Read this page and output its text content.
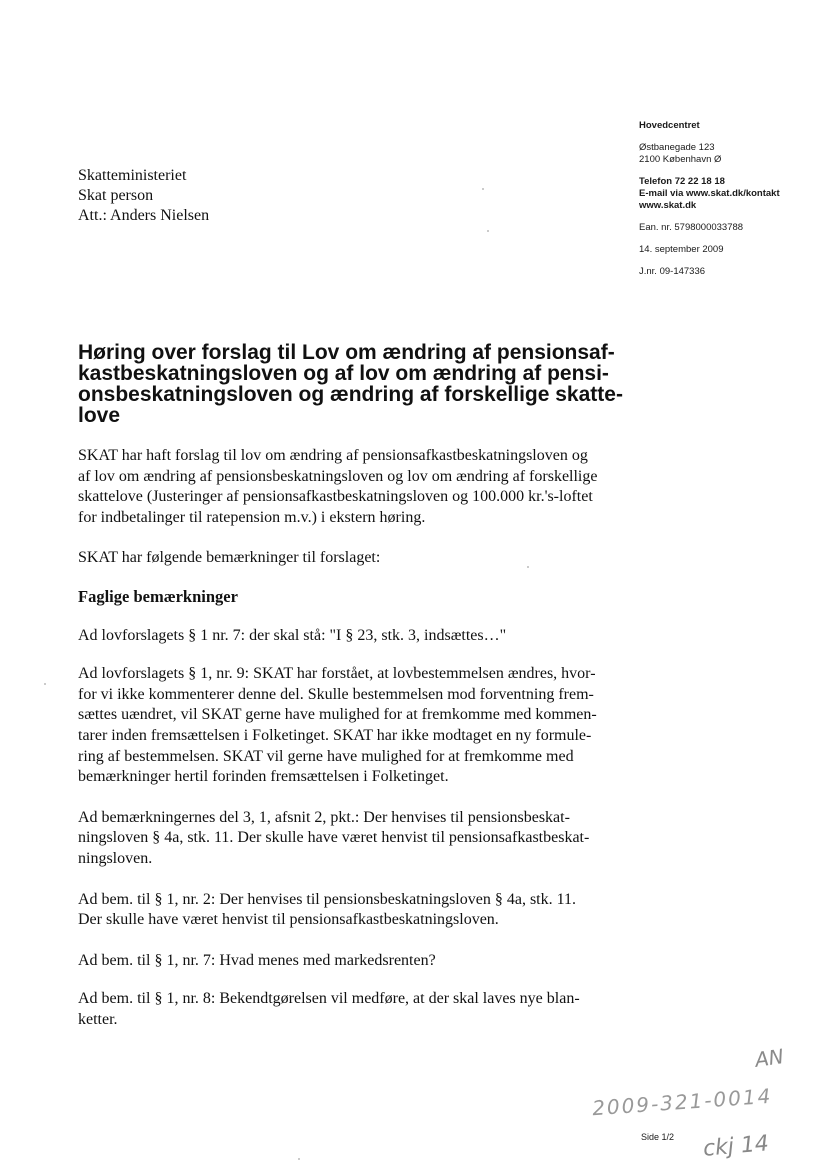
Hovedcentret
Østbanegade 123
2100 København Ø
Telefon 72 22 18 18
E-mail via www.skat.dk/kontakt
www.skat.dk
Ean. nr. 5798000033788
14. september 2009
J.nr. 09-147336
Skatteministeriet
Skat person
Att.: Anders Nielsen
Høring over forslag til Lov om ændring af pensionsaf-
kastbeskatningsloven og af lov om ændring af pensi-
onsbeskatningsloven og ændring af forskellige skatte-
love

SKAT har haft forslag til lov om ændring af pensionsafkastbeskatningsloven og
af lov om ændring af pensionsbeskatningsloven og lov om ændring af forskellige
skattelove (Justeringer af pensionsafkastbeskatningsloven og 100.000 kr.'s-loftet
for indbetalinger til ratepension m.v.) i ekstern høring.

SKAT har følgende bemærkninger til forslaget:

Faglige bemærkninger

Ad lovforslagets § 1 nr. 7: der skal stå: "I § 23, stk. 3, indsættes…"

Ad lovforslagets § 1, nr. 9: SKAT har forstået, at lovbestemmelsen ændres, hvor-
for vi ikke kommenterer denne del. Skulle bestemmelsen mod forventning frem-
sættes uændret, vil SKAT gerne have mulighed for at fremkomme med kommen-
tarer inden fremsættelsen i Folketinget. SKAT har ikke modtaget en ny formule-
ring af bestemmelsen. SKAT vil gerne have mulighed for at fremkomme med
bemærkninger hertil forinden fremsættelsen i Folketinget.

Ad bemærkningernes del 3, 1, afsnit 2, pkt.: Der henvises til pensionsbeskat-
ningsloven § 4a, stk. 11. Der skulle have været henvist til pensionsafkastbeskat-
ningsloven.

Ad bem. til § 1, nr. 2: Der henvises til pensionsbeskatningsloven § 4a, stk. 11.
Der skulle have været henvist til pensionsafkastbeskatningsloven.

Ad bem. til § 1, nr. 7: Hvad menes med markedsrenten?

Ad bem. til § 1, nr. 8: Bekendtgørelsen vil medføre, at der skal laves nye blan-
ketter.

AN
2009-321-0014
Side 1/2 ckj 14
